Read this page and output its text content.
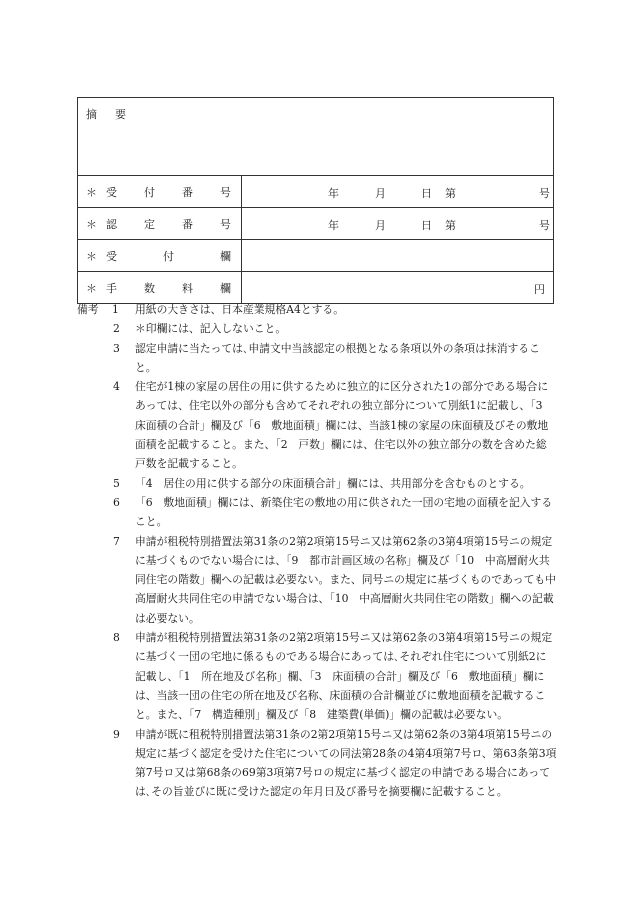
摘要
＊ 受 付 番 号	年	月	日 第	号
＊ 認 定 番 号	年	月	日 第	号
＊ 受	付	欄
＊ 手 数 料 欄	円
備考 1 用紙の大きさは、日本産業規格A4とする。
2 ＊印欄には、記入しないこと。
3 認定申請に当たっては､申請文中当該認定の根拠となる条項以外の条項は抹消すること。
4 住宅が1棟の家屋の居住の用に供するために独立的に区分された1の部分である場合にあっては、住宅以外の部分も含めてそれぞれの独立部分について別紙1に記載し、「3　床面積の合計」欄及び「6　敷地面積」欄には、当該1棟の家屋の床面積及びその敷地面積を記載すること。また、「2　戸数」欄には、住宅以外の独立部分の数を含めた総戸数を記載すること。
5 「4　居住の用に供する部分の床面積合計」欄には、共用部分を含むものとする。
6 「6　敷地面積」欄には、新築住宅の敷地の用に供された一団の宅地の面積を記入すること。
7 申請が租税特別措置法第31条の2第2項第15号ニ又は第62条の3第4項第15号ニの規定に基づくものでない場合には、「9　都市計画区域の名称」欄及び「10　中高層耐火共同住宅の階数」欄への記載は必要ない。また、同号ニの規定に基づくものであっても中高層耐火共同住宅の申請でない場合は、「10　中高層耐火共同住宅の階数」欄への記載は必要ない。
8 申請が租税特別措置法第31条の2第2項第15号ニ又は第62条の3第4項第15号ニの規定に基づく一団の宅地に係るものである場合にあっては､それぞれ住宅について別紙2に記載し、「1　所在地及び名称」欄、「3　床面積の合計」欄及び「6　敷地面積」欄には、当該一団の住宅の所在地及び名称、床面積の合計欄並びに敷地面積を記載すること。また、「7　構造種別」欄及び「8　建築費(単価)」欄の記載は必要ない。
9 申請が既に租税特別措置法第31条の2第2項第15号ニ又は第62条の3第4項第15号ニの規定に基づく認定を受けた住宅についての同法第28条の4第4項第7号ロ、第63条第3項第7号ロ又は第68条の69第3項第7号ロの規定に基づく認定の申請である場合にあっては､その旨並びに既に受けた認定の年月日及び番号を摘要欄に記載すること。
